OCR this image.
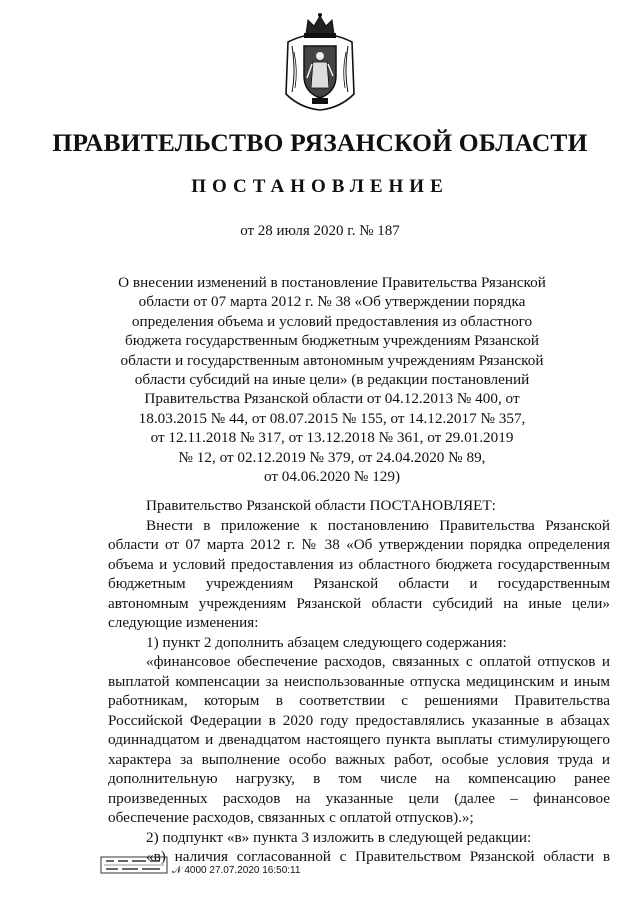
ПРАВИТЕЛЬСТВО РЯЗАНСКОЙ ОБЛАСТИ
ПОСТАНОВЛЕНИЕ
от 28 июля 2020 г. № 187
О внесении изменений в постановление Правительства Рязанской
области от 07 марта 2012 г. № 38 «Об утверждении порядка
определения объема и условий предоставления из областного
бюджета государственным бюджетным учреждениям Рязанской
области и государственным автономным учреждениям Рязанской
области субсидий на иные цели» (в редакции постановлений
Правительства Рязанской области от 04.12.2013 № 400, от
18.03.2015 № 44, от 08.07.2015 № 155, от 14.12.2017 № 357,
от 12.11.2018 № 317, от 13.12.2018 № 361, от 29.01.2019
№ 12, от 02.12.2019 № 379, от 24.04.2020 № 89,
от 04.06.2020 № 129)
Правительство Рязанской области ПОСТАНОВЛЯЕТ:
Внести в приложение к постановлению Правительства Рязанской
области от 07 марта 2012 г. № 38 «Об утверждении порядка определения
объема и условий предоставления из областного бюджета государственным
бюджетным учреждениям Рязанской области и государственным
автономным учреждениям Рязанской области субсидий на иные цели»
следующие изменения:
1) пункт 2 дополнить абзацем следующего содержания:
«финансовое обеспечение расходов, связанных с оплатой отпусков и
выплатой компенсации за неиспользованные отпуска медицинским и иным
работникам, которым в соответствии с решениями Правительства
Российской Федерации в 2020 году предоставлялись указанные в абзацах
одиннадцатом и двенадцатом настоящего пункта выплаты стимулирующего
характера за выполнение особо важных работ, особые условия труда и
дополнительную нагрузку, в том числе на компенсацию ранее
произведенных расходов на указанные цели (далее – финансовое
обеспечение расходов, связанных с оплатой отпусков).»;
2) подпункт «в» пункта 3 изложить в следующей редакции:
«в) наличия согласованной с Правительством Рязанской области в
𝒩 4000 27.07.2020 16:50:11
